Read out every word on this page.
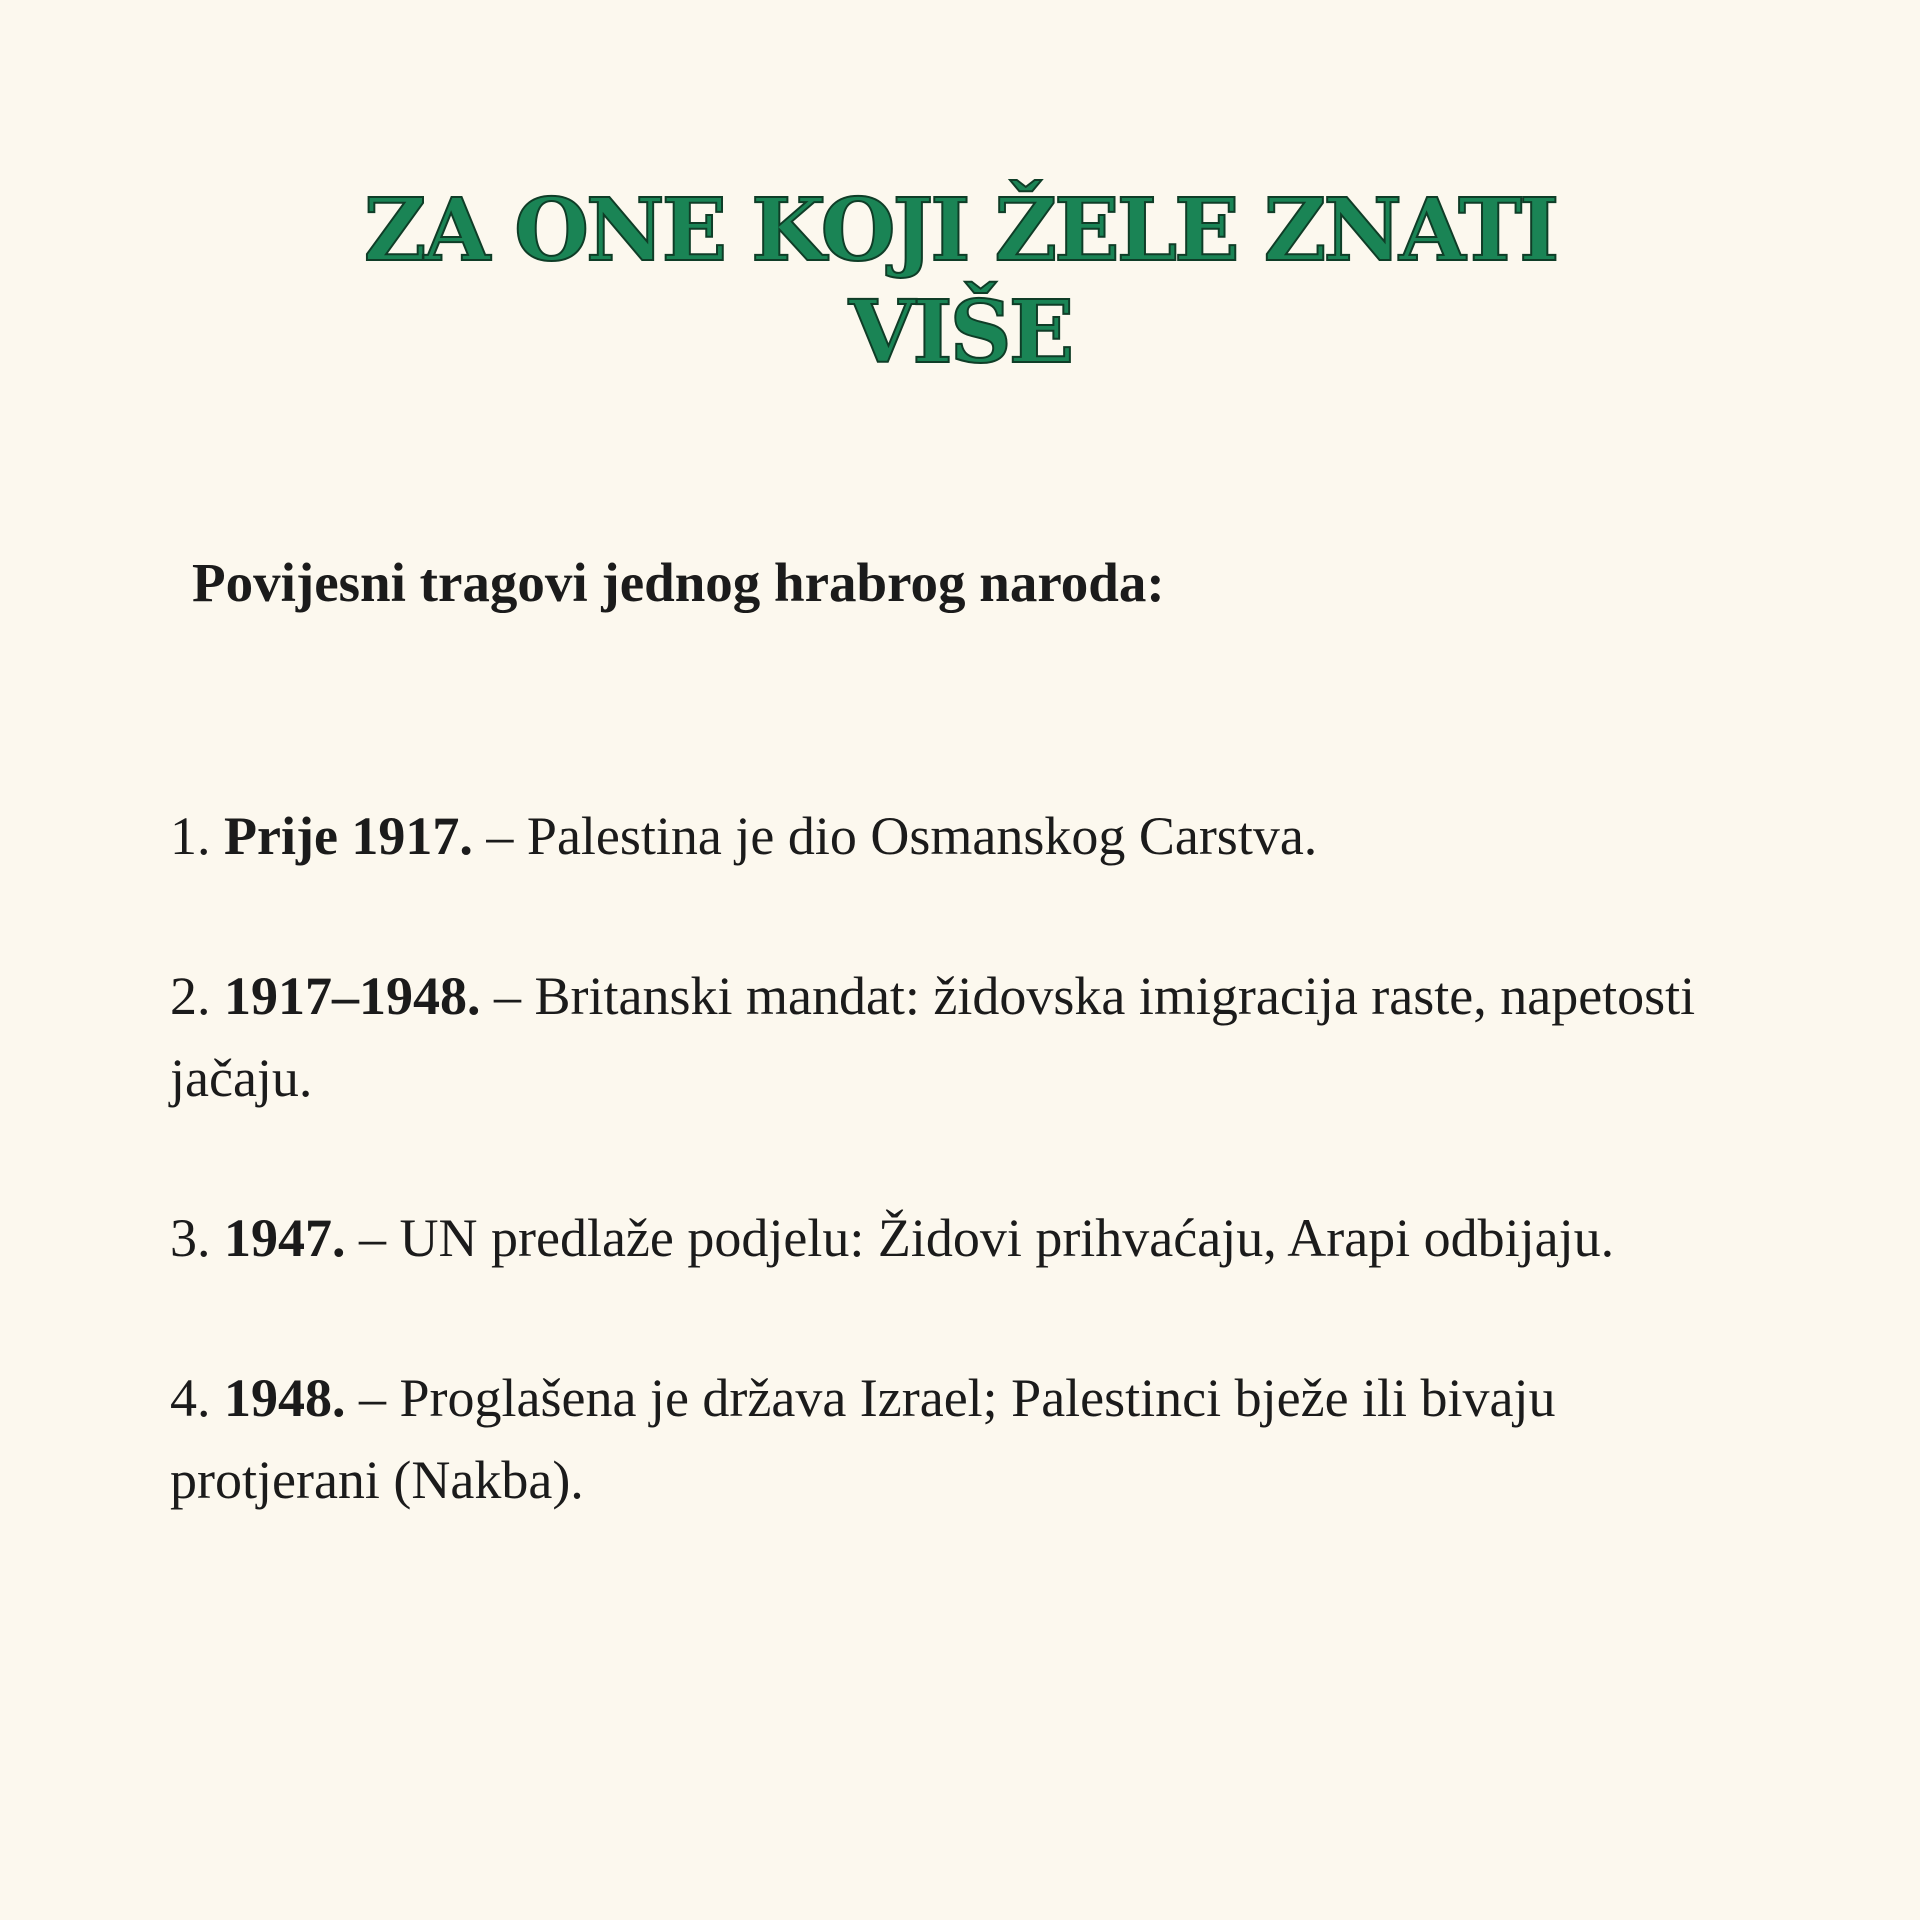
ZA ONE KOJI ŽELE ZNATI
VIŠE

Povijesni tragovi jednog hrabrog naroda:

1. Prije 1917. – Palestina je dio Osmanskog Carstva.
2. 1917–1948. – Britanski mandat: židovska imigracija raste, napetosti jačaju.
3. 1947. – UN predlaže podjelu: Židovi prihvaćaju, Arapi odbijaju.
4. 1948. – Proglašena je država Izrael; Palestinci bježe ili bivaju protjerani (Nakba).
